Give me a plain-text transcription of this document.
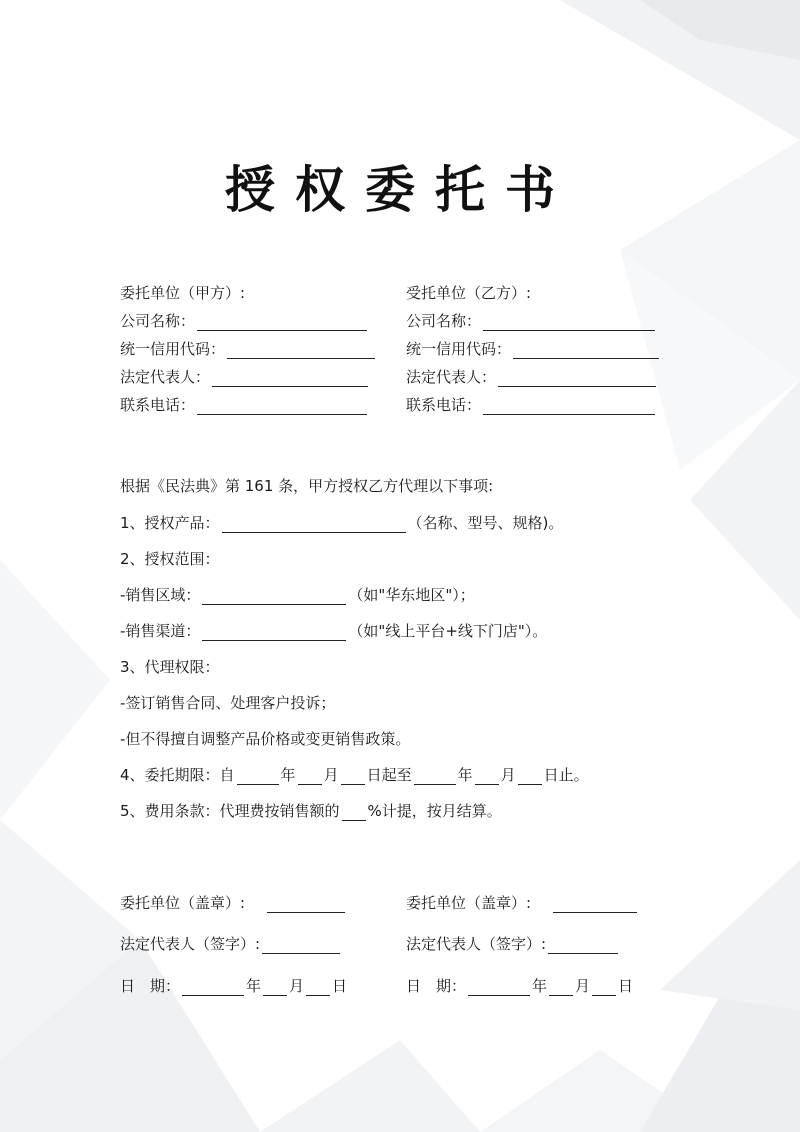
授权委托书
委托单位（甲方）:
公司名称：
统一信用代码：
法定代表人：
联系电话：
受托单位（乙方）:
公司名称：
统一信用代码：
法定代表人：
联系电话：
根据《民法典》第 161 条，甲方授权乙方代理以下事项:
1、授权产品：	（名称、型号、规格)。
2、授权范围：
-销售区域：	（如"华东地区"）；
-销售渠道：	（如"线上平台+线下门店"）。
3、代理权限：
-签订销售合同、处理客户投诉；
-但不得擅自调整产品价格或变更销售政策。
4、委托期限：自	年 月 日起至	年 月 日止。
5、费用条款：代理费按销售额的 %计提，按月结算。
委托单位（盖章）:
法定代表人（签字）:
日　期：	年 月 日
委托单位（盖章）:
法定代表人（签字）:
日　期：	年 月 日
